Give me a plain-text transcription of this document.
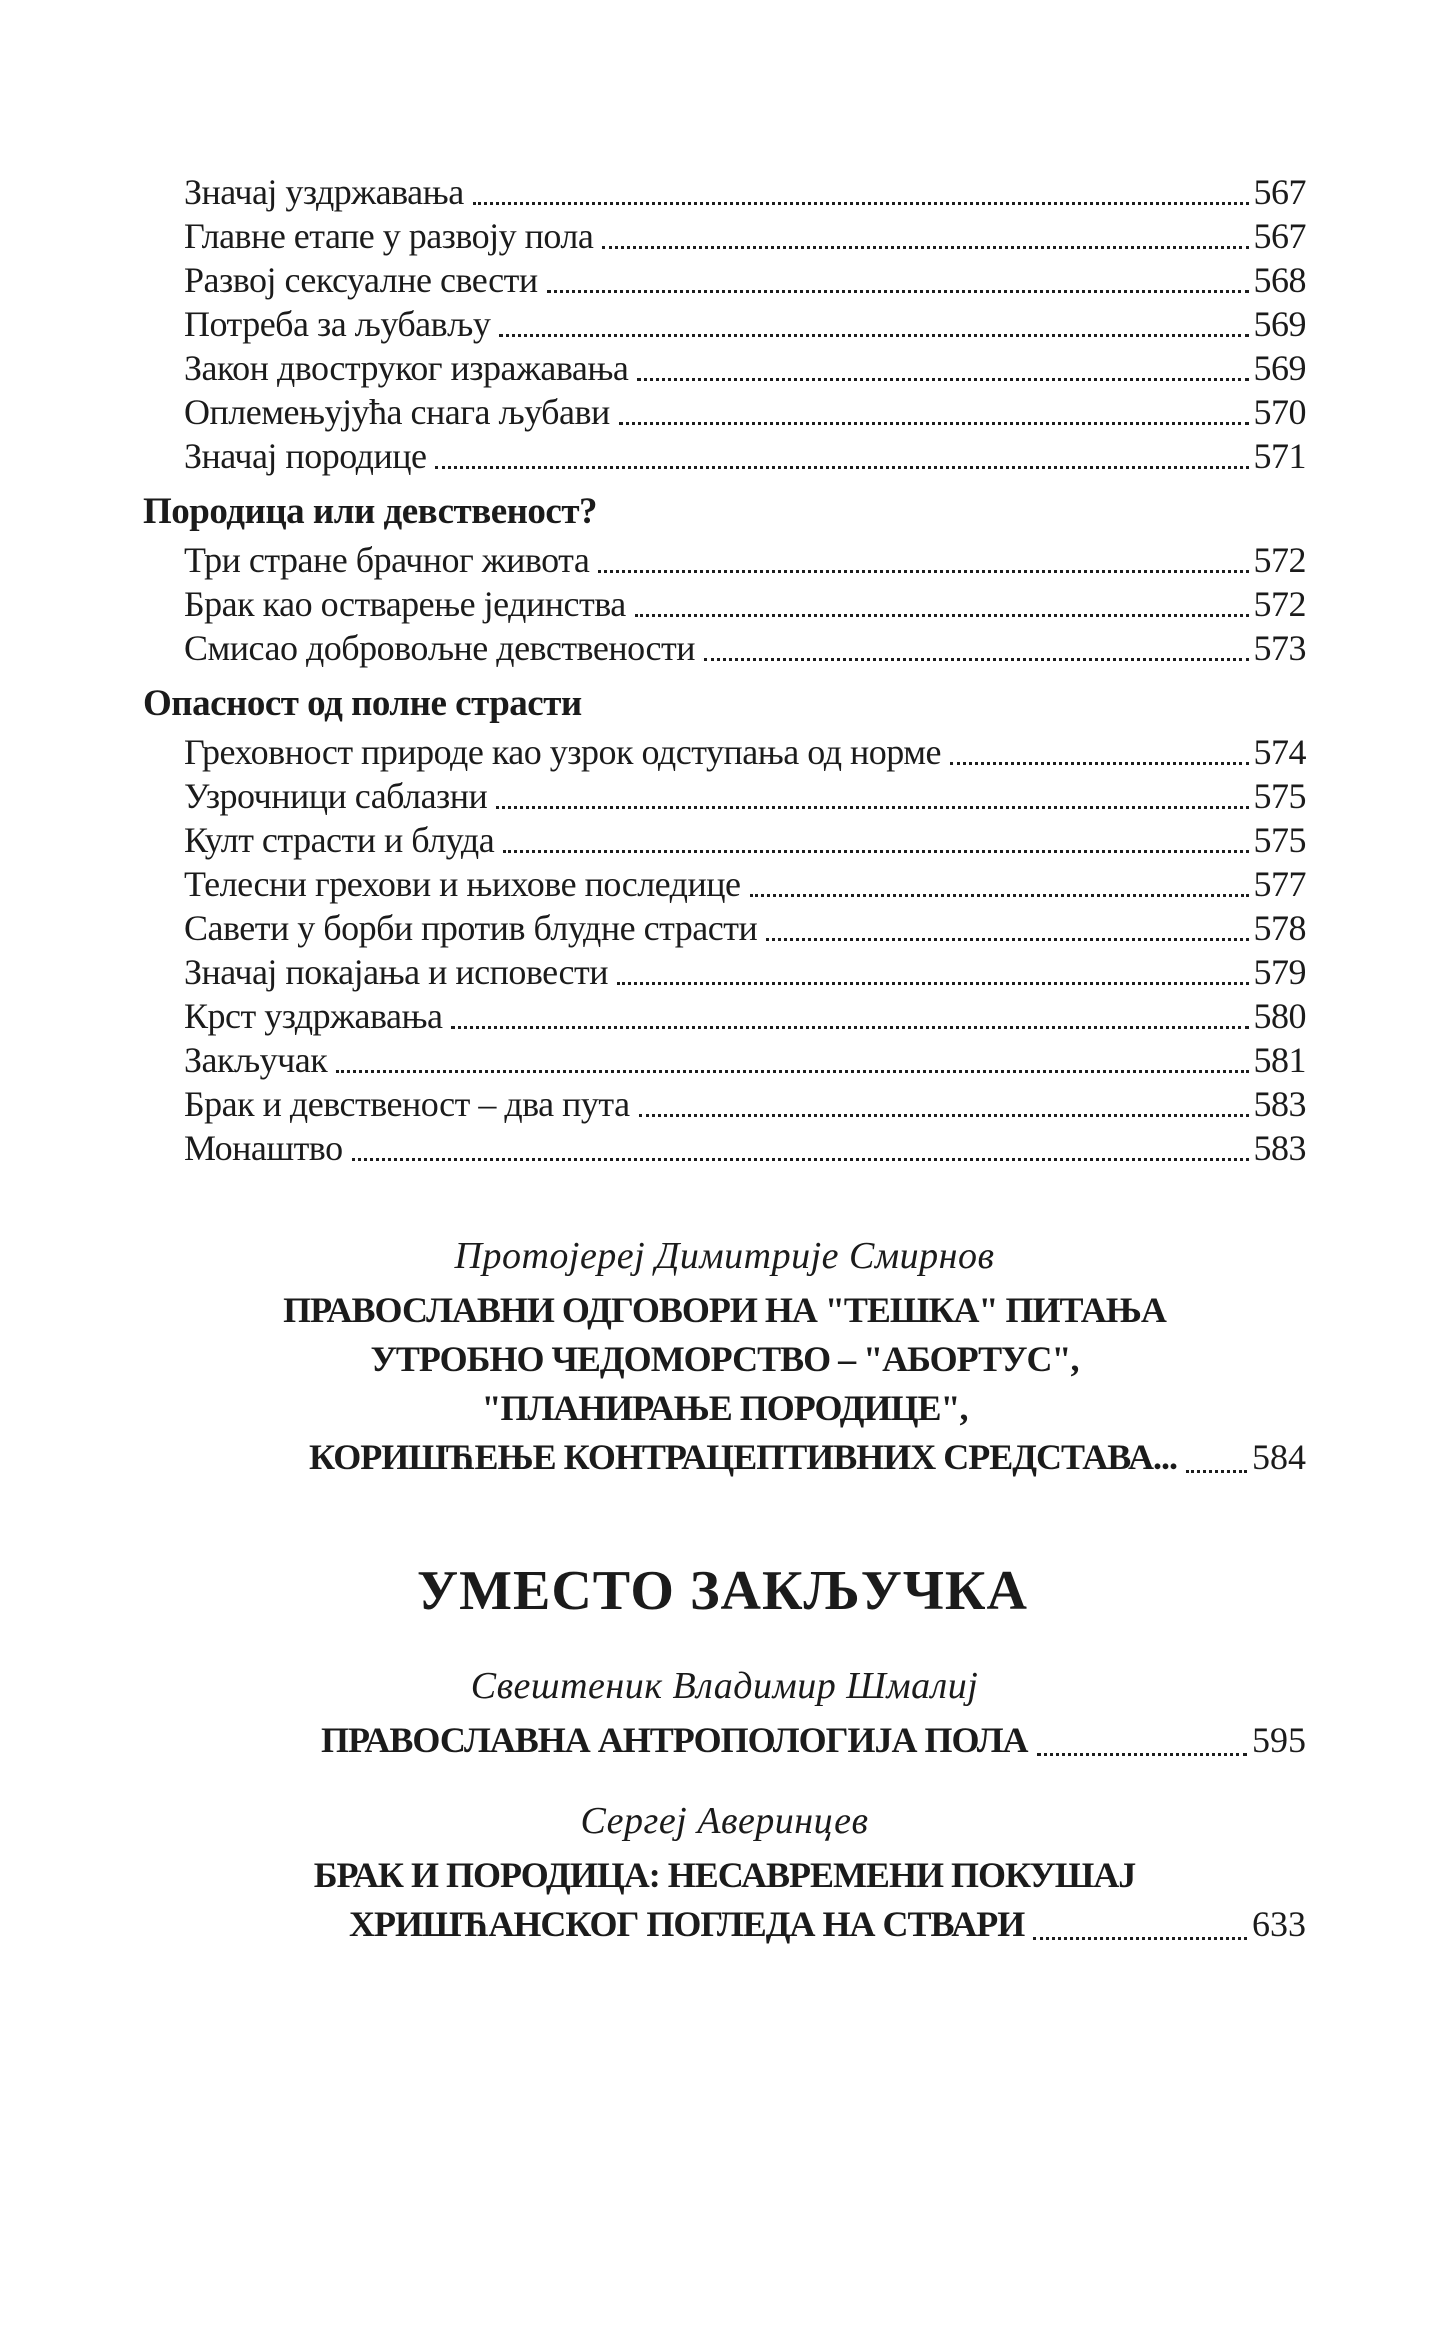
Значај уздржавања	567
Главне етапе у развоју пола	567
Развој сексуалне свести	568
Потреба за љубављу	569
Закон двоструког изражавања	569
Оплемењујућа снага љубави	570
Значај породице	571
Породица или девственост?
Три стране брачног живота	572
Брак као остварење јединства	572
Смисао добровољне девствености	573
Опасност од полне страсти
Греховност природе као узрок одступања од норме	574
Узрочници саблазни	575
Култ страсти и блуда	575
Телесни грехови и њихове последице	577
Савети у борби против блудне страсти	578
Значај покајања и исповести	579
Крст уздржавања	580
Закључак	581
Брак и девственост – два пута	583
Монаштво	583
Протојереј Димитрије Смирнов
ПРАВОСЛАВНИ ОДГОВОРИ НА "ТЕШКА" ПИТАЊА
УТРОБНО ЧЕДОМОРСТВО – "АБОРТУС",
"ПЛАНИРАЊЕ ПОРОДИЦЕ",
КОРИШЋЕЊЕ КОНТРАЦЕПТИВНИХ СРЕДСТАВА... 584
УМЕСТО ЗАКЉУЧКА
Свештеник Владимир Шмалиј
ПРАВОСЛАВНА АНТРОПОЛОГИЈА ПОЛА	595
Сергеј Аверинцев
БРАК И ПОРОДИЦА: НЕСАВРЕМЕНИ ПОКУШАЈ
ХРИШЋАНСКОГ ПОГЛЕДА НА СТВАРИ	633
